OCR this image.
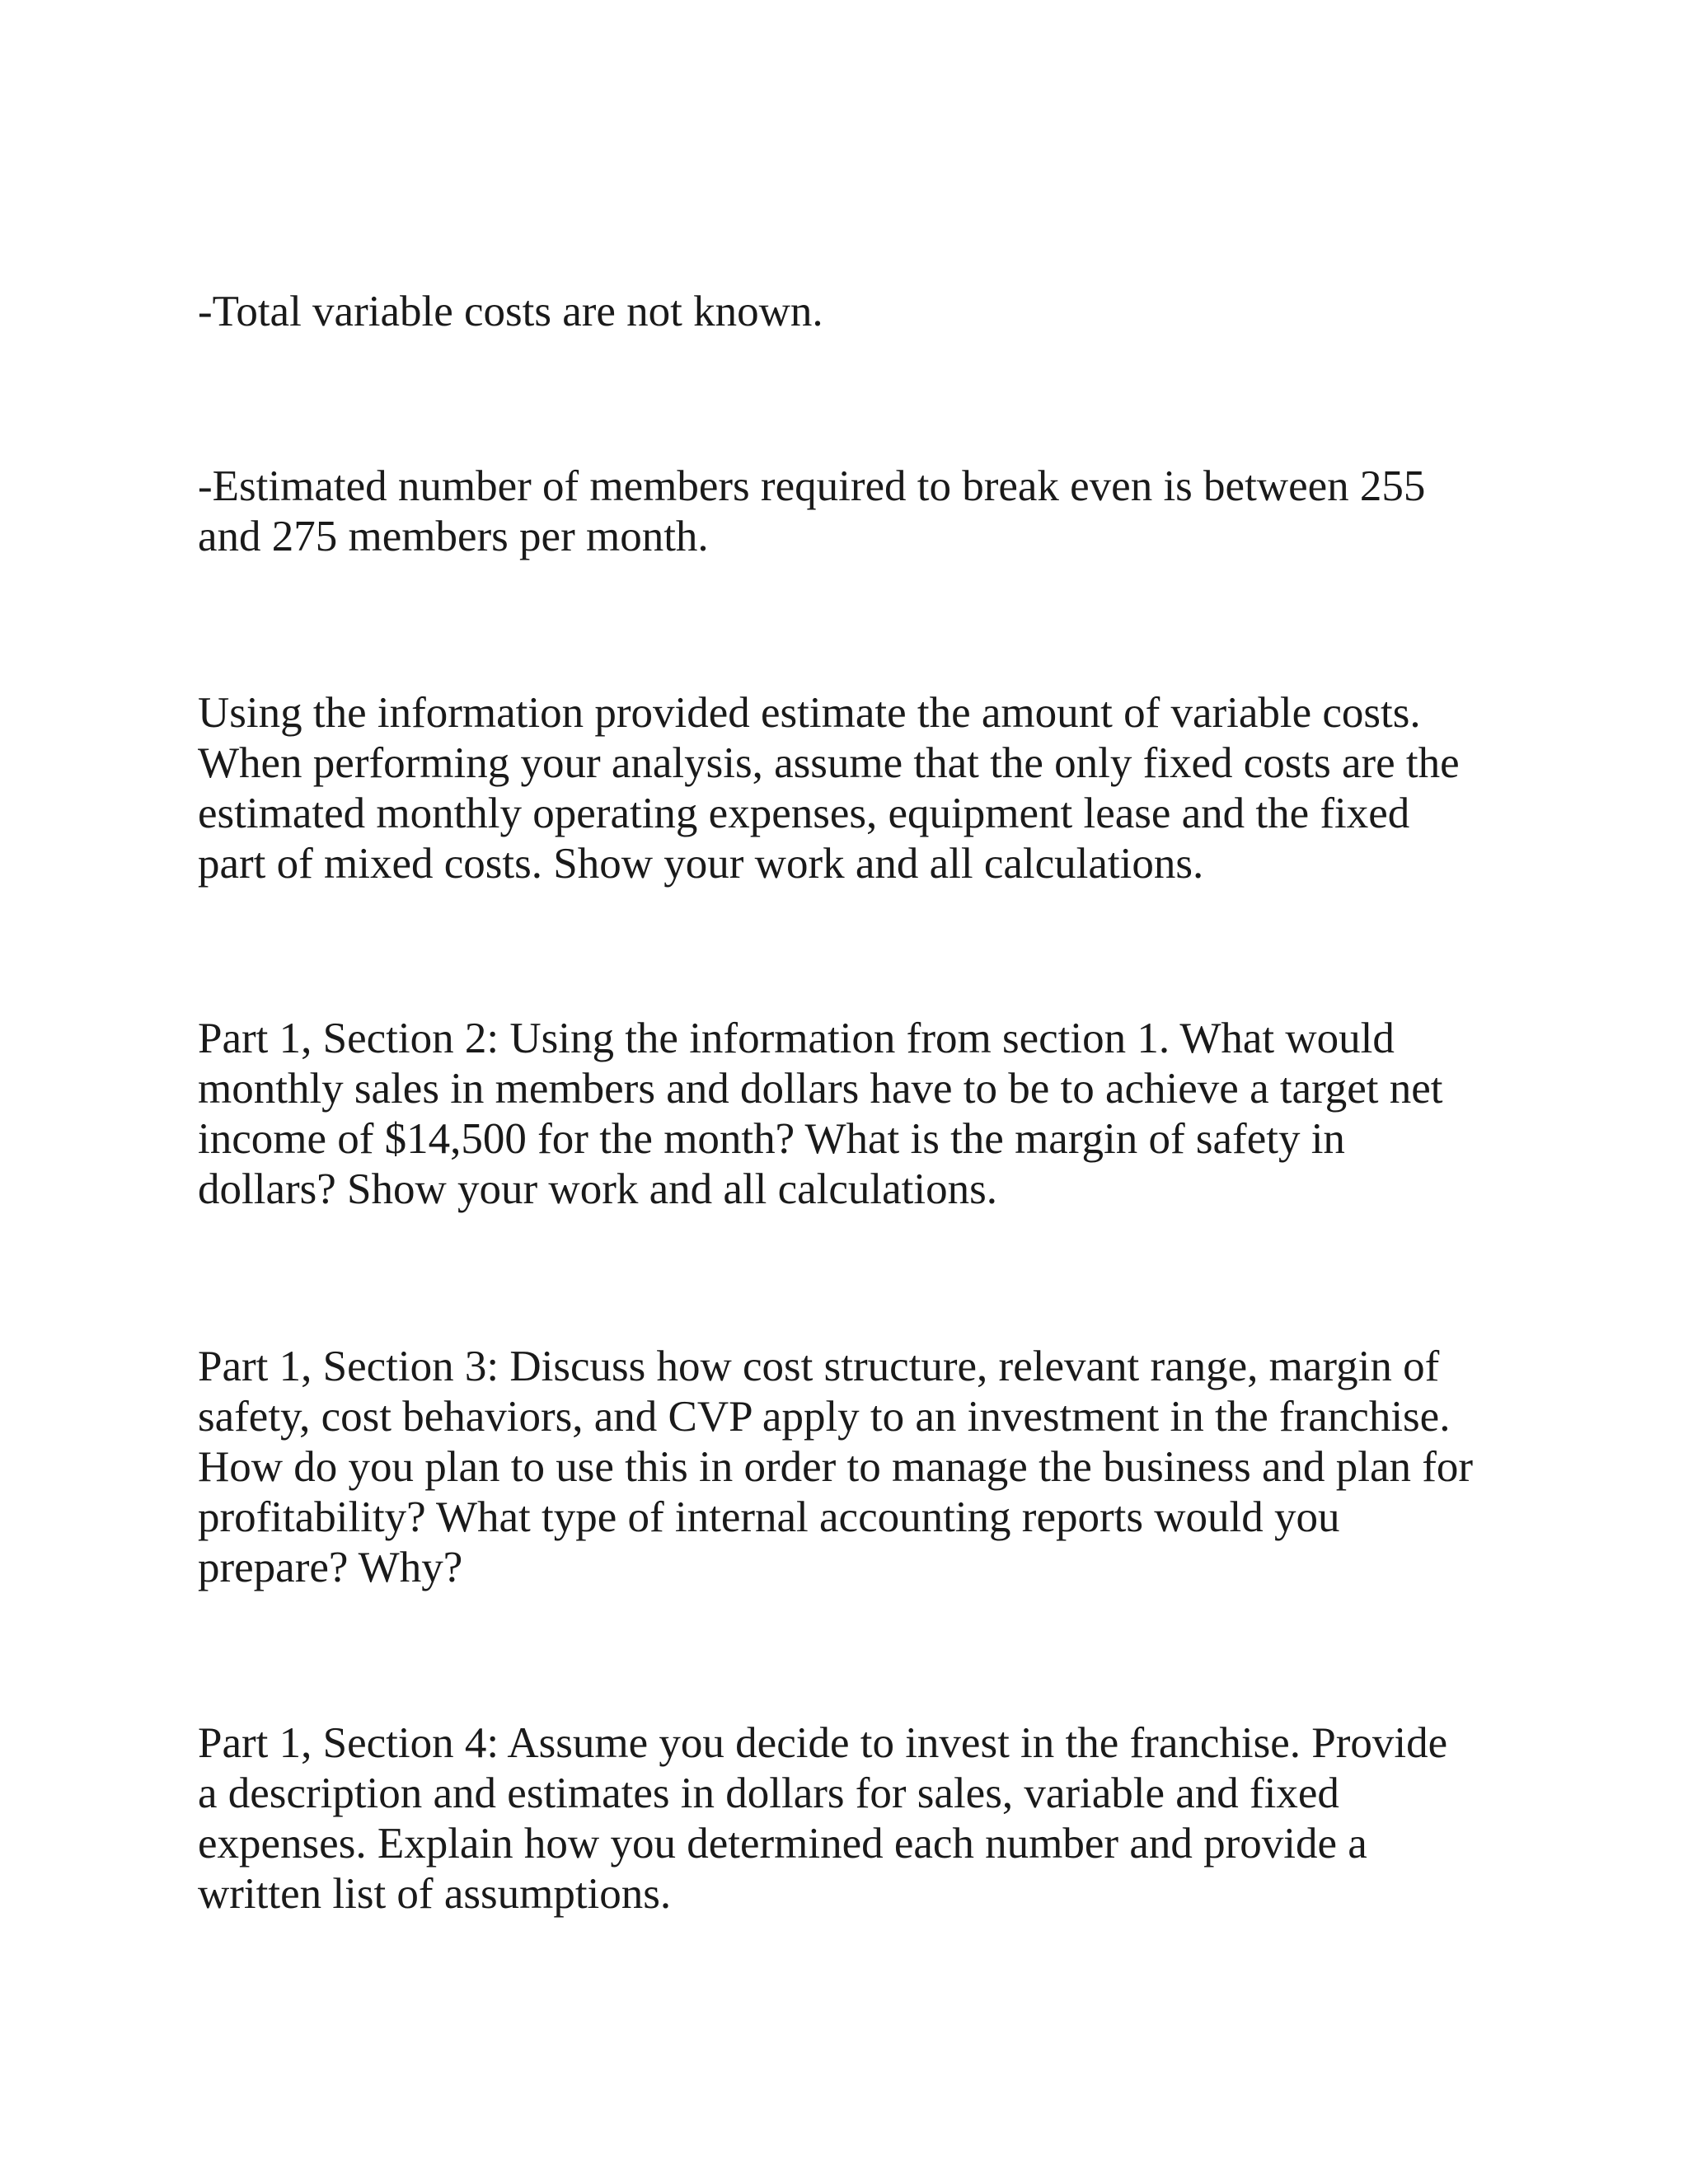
-Total variable costs are not known.

-Estimated number of members required to break even is between 255
and 275 members per month.

Using the information provided estimate the amount of variable costs.
When performing your analysis, assume that the only fixed costs are the
estimated monthly operating expenses, equipment lease and the fixed
part of mixed costs. Show your work and all calculations.

Part 1, Section 2: Using the information from section 1. What would
monthly sales in members and dollars have to be to achieve a target net
income of $14,500 for the month? What is the margin of safety in
dollars? Show your work and all calculations.

Part 1, Section 3: Discuss how cost structure, relevant range, margin of
safety, cost behaviors, and CVP apply to an investment in the franchise.
How do you plan to use this in order to manage the business and plan for
profitability? What type of internal accounting reports would you
prepare? Why?

Part 1, Section 4: Assume you decide to invest in the franchise. Provide
a description and estimates in dollars for sales, variable and fixed
expenses. Explain how you determined each number and provide a
written list of assumptions.
